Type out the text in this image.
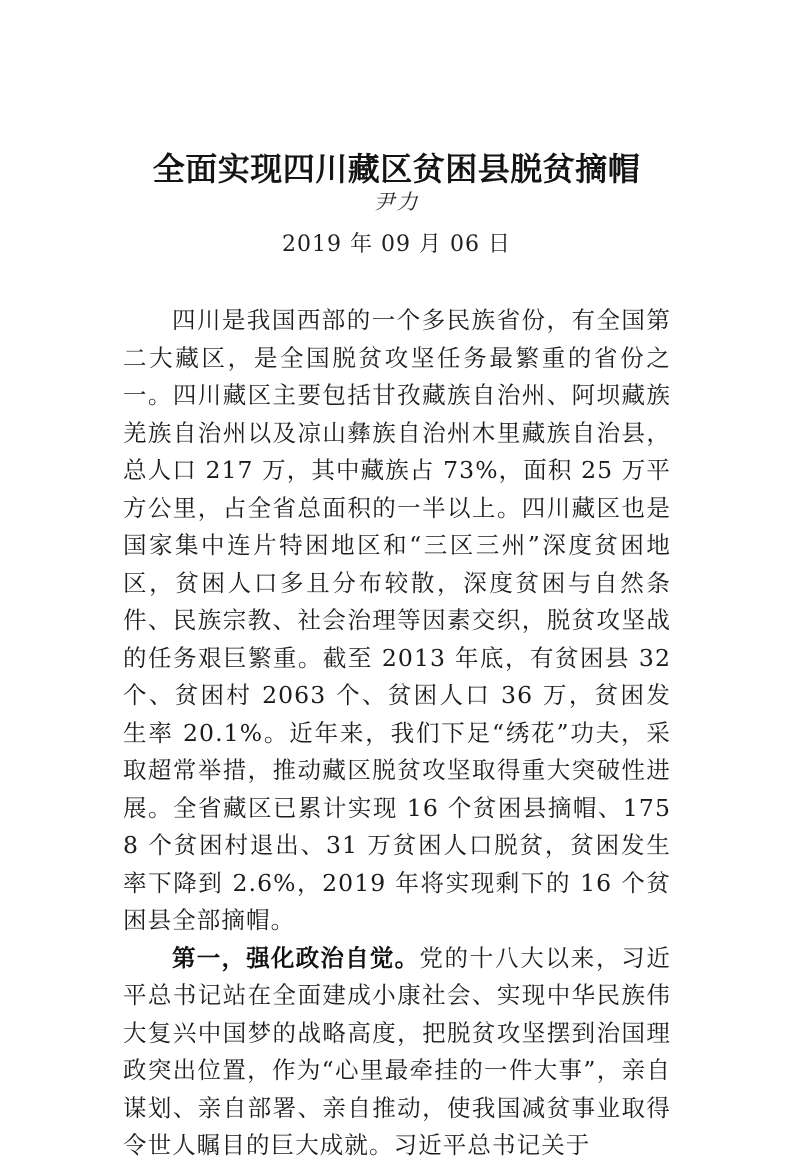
全面实现四川藏区贫困县脱贫摘帽
尹力
2019 年 09 月 06 日

四川是我国西部的一个多民族省份，有全国第二大藏区，是全国脱贫攻坚任务最繁重的省份之一。四川藏区主要包括甘孜藏族自治州、阿坝藏族羌族自治州以及凉山彝族自治州木里藏族自治县，总人口 217 万，其中藏族占 73%，面积 25 万平方公里，占全省总面积的一半以上。四川藏区也是国家集中连片特困地区和“三区三州”深度贫困地区，贫困人口多且分布较散，深度贫困与自然条件、民族宗教、社会治理等因素交织，脱贫攻坚战的任务艰巨繁重。截至 2013 年底，有贫困县 32 个、贫困村 2063 个、贫困人口 36 万，贫困发生率 20.1%。近年来，我们下足“绣花”功夫，采取超常举措，推动藏区脱贫攻坚取得重大突破性进展。全省藏区已累计实现 16 个贫困县摘帽、1758 个贫困村退出、31 万贫困人口脱贫，贫困发生率下降到 2.6%，2019 年将实现剩下的 16 个贫困县全部摘帽。

第一，强化政治自觉。党的十八大以来，习近平总书记站在全面建成小康社会、实现中华民族伟大复兴中国梦的战略高度，把脱贫攻坚摆到治国理政突出位置，作为“心里最牵挂的一件大事”，亲自谋划、亲自部署、亲自推动，使我国减贫事业取得令世人瞩目的巨大成就。习近平总书记关于
